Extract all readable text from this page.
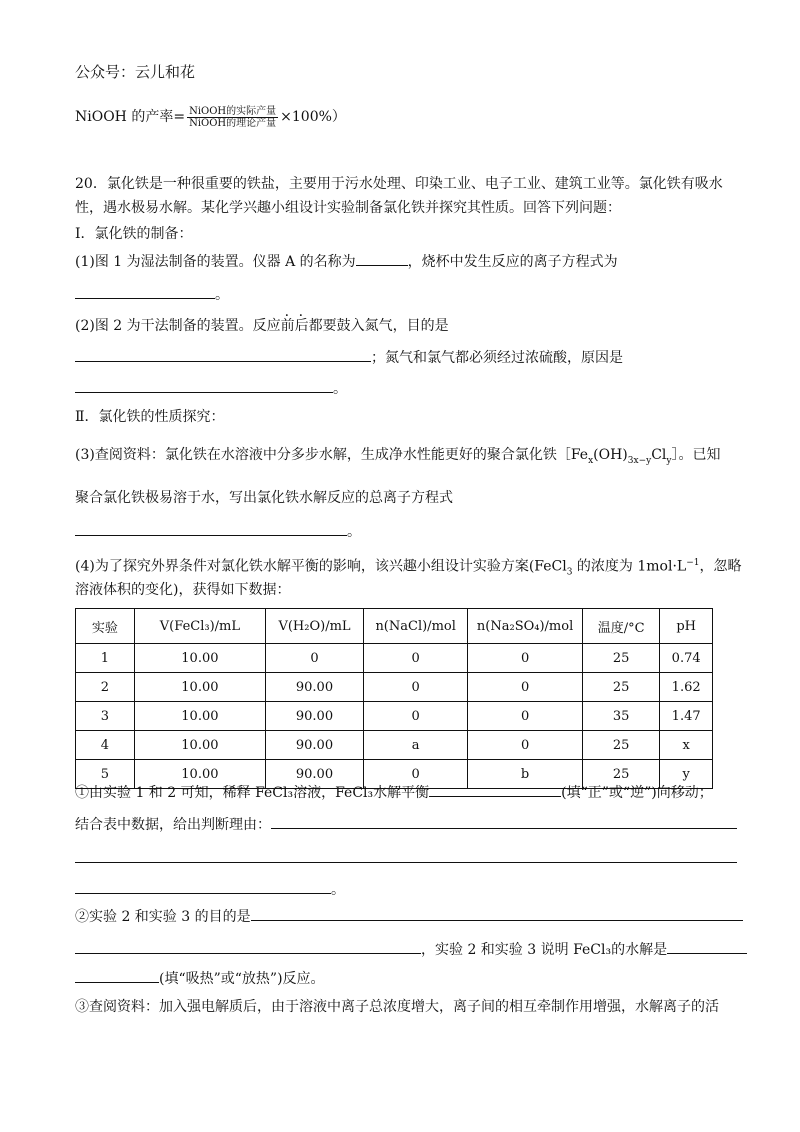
公众号：云儿和花
NiOOH 的产率= $\frac{\text{NiOOH的实际产量}}{\text{NiOOH的理论产量}} \times 100\%$）
20．氯化铁是一种很重要的铁盐，主要用于污水处理、印染工业、电子工业、建筑工业等。氯化铁有吸水
性，遇水极易水解。某化学兴趣小组设计实验制备氯化铁并探究其性质。回答下列问题：
I．氯化铁的制备：
(1)图 1 为湿法制备的装置。仪器 A 的名称为	，烧杯中发生反应的离子方程式为
。
(2)图 2 为干法制备的装置。反应前后都要鼓入氮气，目的是
；氮气和氯气都必须经过浓硫酸，原因是
。
Ⅱ．氯化铁的性质探究：
(3)查阅资料：氯化铁在水溶液中分多步水解，生成净水性能更好的聚合氯化铁$[Fe_x(OH)_{3x-y}Cl_y]$。已知
聚合氯化铁极易溶于水，写出氯化铁水解反应的总离子方程式
。
(4)为了探究外界条件对氯化铁水解平衡的影响，该兴趣小组设计实验方案(FeCl$_3$ 的浓度为 $1mol\cdot L^{-1}$，忽略
溶液体积的变化)，获得如下数据：
实验	V(FeCl₃)/mL	V(H₂O)/mL	n(NaCl)/mol	n(Na₂SO₄)/mol	温度/°C	pH
1	10.00	0	0	0	25	0.74
2	10.00	90.00	0	0	25	1.62
3	10.00	90.00	0	0	35	1.47
4	10.00	90.00	a	0	25	x
5	10.00	90.00	0	b	25	y
①由实验 1 和 2 可知，稀释 FeCl₃溶液，FeCl₃水解平衡	(填“正”或“逆”)向移动；
结合表中数据，给出判断理由：
。
②实验 2 和实验 3 的目的是
，实验 2 和实验 3 说明 FeCl₃的水解是
(填“吸热”或“放热”)反应。
③查阅资料：加入强电解质后，由于溶液中离子总浓度增大，离子间的相互牵制作用增强，水解离子的活
